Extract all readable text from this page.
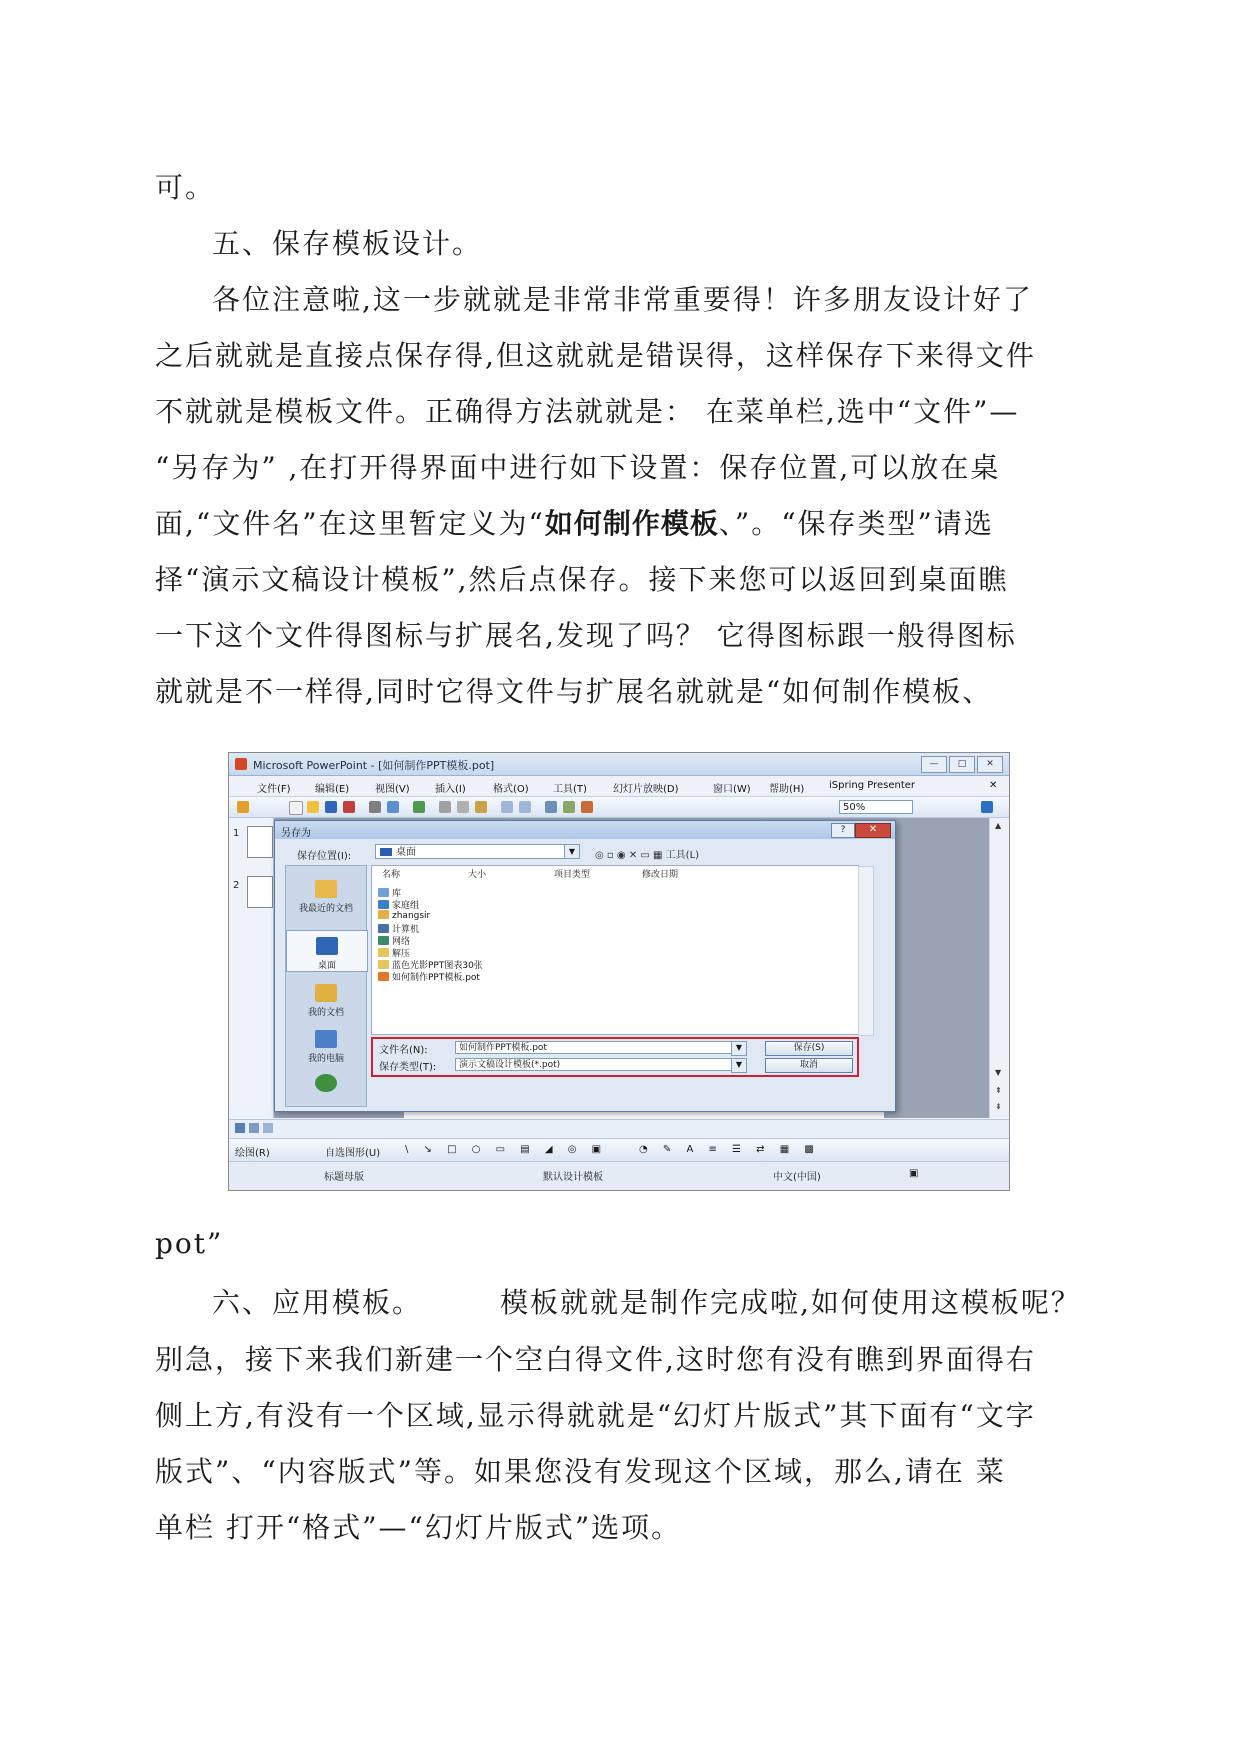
可。
五、保存模板设计。
各位注意啦,这一步就就是非常非常重要得！许多朋友设计好了
之后就就是直接点保存得,但这就就是错误得，这样保存下来得文件
不就就是模板文件。正确得方法就就是： 在菜单栏,选中“文件”—
“另存为” ,在打开得界面中进行如下设置：保存位置,可以放在桌
面,“文件名”在这里暂定义为“如何制作模板、”。“保存类型”请选
择“演示文稿设计模板”,然后点保存。接下来您可以返回到桌面瞧
一下这个文件得图标与扩展名,发现了吗？ 它得图标跟一般得图标
就就是不一样得,同时它得文件与扩展名就就是“如何制作模板、
Microsoft PowerPoint - [如何制作PPT模板.pot]	—	□	✕
文件(F) 编辑(E)	视图(V)	插入(I)	格式(O) 工具(T)	幻灯片放映(D)	窗口(W) 帮助(H) iSpring Presenter	✕
50%
1
2
▲
▼
⇞
⇟
另存为	?	✕
保存位置(I):	桌面	▼	◎ ▫ ◉ ✕ ▭ ▦ 工具(L)
我最近的文档
桌面
我的文档
我的电脑
名称	大小	项目类型	修改日期
库
家庭组
zhangsir
计算机
网络
解压
蓝色光影PPT图表30张
如何制作PPT模板.pot
文件名(N):	如何制作PPT模板.pot	▼	保存(S)
保存类型(T):	演示文稿设计模板(*.pot)	▼	取消
绘图(R)	自选图形(U) \ ↘ □ ○ ▭ ▤ ◢ ◎ ▣	◔ ✎ A ≡ ☰ ⇄ ▦ ▩
标题母版	默认设计模板	中文(中国)	▣
pot”
六、应用模板。	模板就就是制作完成啦,如何使用这模板呢？
别急，接下来我们新建一个空白得文件,这时您有没有瞧到界面得右
侧上方,有没有一个区域,显示得就就是“幻灯片版式”其下面有“文字
版式”、“内容版式”等。如果您没有发现这个区域，那么,请在 菜
单栏 打开“格式”—“幻灯片版式”选项。
